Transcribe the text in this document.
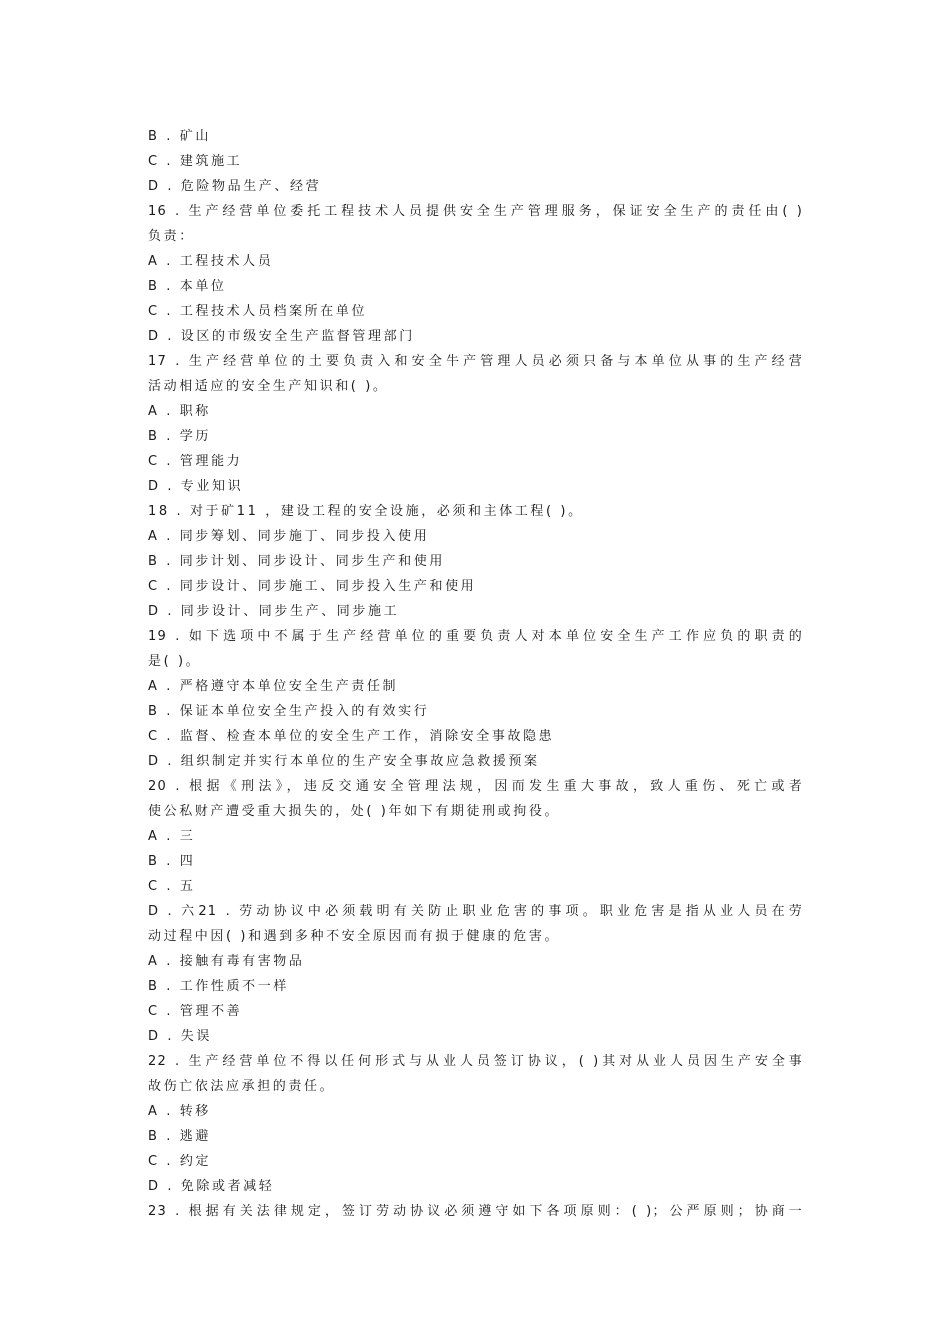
B . 矿山
C . 建筑施工
D . 危险物品生产、经营
16 . 生产经营单位委托工程技术人员提供安全生产管理服务，保证安全生产的责任由( )
负责：
A . 工程技术人员
B . 本单位
C . 工程技术人员档案所在单位
D . 设区的市级安全生产监督管理部门
17 . 生产经营单位的土要负责入和安全牛产管理人员必须只备与本单位从事的生产经营
活动相适应的安全生产知识和( )。
A . 职称
B . 学历
C . 管理能力
D . 专业知识
18 . 对于矿11 ，建设工程的安全设施，必须和主体工程( )。
A . 同步筹划、同步施丁、同步投入使用
B . 同步计划、同步设计、同步生产和使用
C . 同步设计、同步施工、同步投入生产和使用
D . 同步设计、同步生产、同步施工
19 . 如下选项中不属于生产经营单位的重要负责人对本单位安全生产工作应负的职责的
是( )。
A . 严格遵守本单位安全生产责任制
B . 保证本单位安全生产投入的有效实行
C . 监督、检查本单位的安全生产工作，消除安全事故隐患
D . 组织制定并实行本单位的生产安全事故应急救援预案
20 . 根据《刑法》，违反交通安全管理法规，因而发生重大事故，致人重伤、死亡或者
使公私财产遭受重大损失的，处( )年如下有期徒刑或拘役。
A . 三
B . 四
C . 五
D . 六21 . 劳动协议中必须载明有关防止职业危害的事项。职业危害是指从业人员在劳
动过程中因( )和遇到多种不安全原因而有损于健康的危害。
A . 接触有毒有害物品
B . 工作性质不一样
C . 管理不善
D . 失误
22 . 生产经营单位不得以任何形式与从业人员签订协议，( )其对从业人员因生产安全事
故伤亡依法应承担的责任。
A . 转移
B . 逃避
C . 约定
D . 免除或者减轻
23 . 根据有关法律规定，签订劳动协议必须遵守如下各项原则：( )；公严原则；协商一
